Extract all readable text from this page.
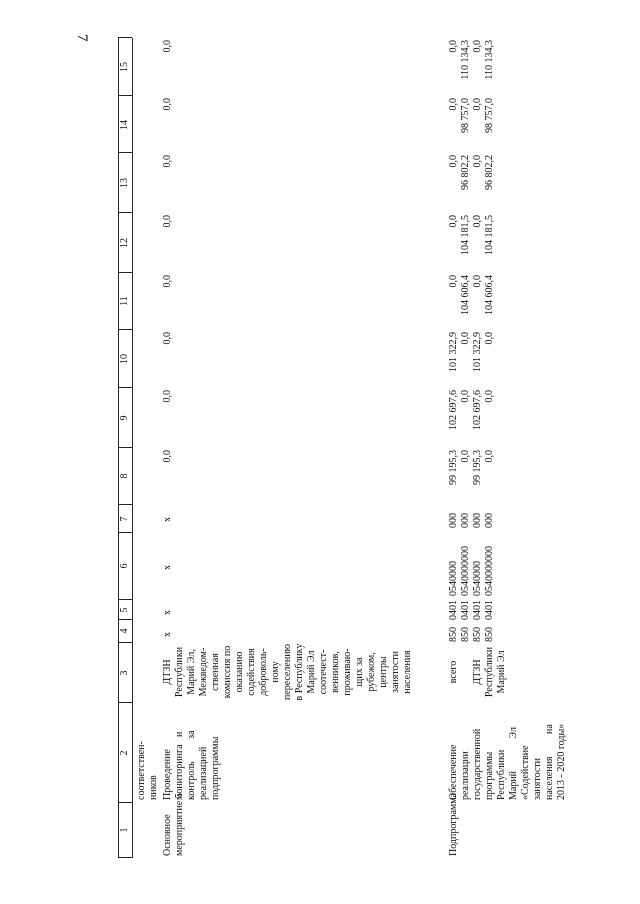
7
1
2
3
4
5
6
7
8
9
10
11
12
13
14
15
соответствен-
ников
Основное
мероприятие 5
Проведение
мониторинга   и
контроль         за
реализацией
подпрограммы
ДТЗН
Республики
Марий Эл,
Межведом-
ственная
комиссия по
оказанию
содействия
доброволь-
ному
переселению
в Республику
Марий Эл
соотечест-
венников,
проживаю-
щих за
рубежом,
центры
занятости
населения
х
х
х
х
0,0
0,0
0,0
0,0
0,0
0,0
0,0
0,0
Подпрограмма
Обеспечение
реализации
государственной
программы
Республики
Марий             Эл
«Содействие
занятости
населения         на
2013 - 2020 годы»
всего

ДТЗН
Республики
Марий Эл
850
850
850
850
0401
0401
0401
0401
0540000
0540000000
0540000
0540000000
000
000
000
000
99 195,3
0,0
99 195,3
0,0
102 697,6
0,0
102 697,6
0,0
101 322,9
0,0
101 322,9
0,0
0,0
104 606,4
0,0
104 606,4
0,0
104 181,5
0,0
104 181,5
0,0
96 802,2
0,0
96 802,2
0,0
98 757,0
0,0
98 757,0
0,0
110 134,3
0,0
110 134,3
